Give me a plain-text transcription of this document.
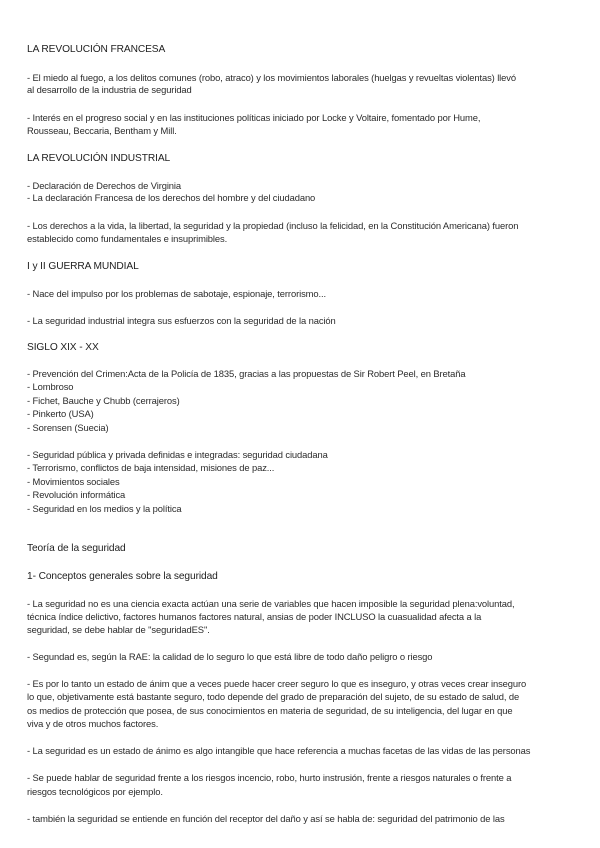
LA REVOLUCIÓN FRANCESA
- El miedo al fuego, a los delitos comunes (robo, atraco) y los movimientos laborales (huelgas y revueltas violentas) llevó
al desarrollo de la industria de seguridad
- Interés en el progreso social y en las instituciones políticas iniciado por Locke y Voltaire, fomentado por Hume,
Rousseau, Beccaria, Bentham y Mill.
LA REVOLUCIÓN INDUSTRIAL
- Declaración de Derechos de Virginia
- La declaración Francesa de los derechos del hombre y del ciudadano
- Los derechos a la vida, la libertad, la seguridad y la propiedad (incluso la felicidad, en la Constitución Americana) fueron
establecido como fundamentales e insuprimibles.
I y II GUERRA MUNDIAL
- Nace del impulso por los problemas de sabotaje, espionaje, terrorismo...
- La seguridad industrial integra sus esfuerzos con la seguridad de la nación
SIGLO XIX - XX
- Prevención del Crimen:Acta de la Policía de 1835, gracias a las propuestas de Sir Robert Peel, en Bretaña
- Lombroso
- Fichet, Bauche y Chubb (cerrajeros)
- Pinkerto (USA)
- Sorensen (Suecia)
- Seguridad pública y privada definidas e integradas: seguridad ciudadana
- Terrorismo, conflictos de baja intensidad, misiones de paz...
- Movimientos sociales
- Revolución informática
- Seguridad en los medios y la política
Teoría de la seguridad
1- Conceptos generales sobre la seguridad
- La seguridad no es una ciencia exacta actúan una serie de variables que hacen imposible la seguridad plena:voluntad,
técnica índice delictivo, factores humanos factores natural, ansias de poder INCLUSO la cuasualidad afecta a la
seguridad, se debe hablar de "seguridadES".
- Segundad es, según la RAE: la calidad de lo seguro lo que está libre de todo daño peligro o riesgo
- Es por lo tanto un estado de ánim que a veces puede hacer creer seguro lo que es inseguro, y otras veces crear inseguro
lo que, objetivamente está bastante seguro, todo depende del grado de preparación del sujeto, de su estado de salud, de
os medios de protección que posea, de sus conocimientos en materia de seguridad, de su inteligencia, del lugar en que
viva y de otros muchos factores.
- La seguridad es un estado de ánimo es algo intangible que hace referencia a muchas facetas de las vidas de las personas
- Se puede hablar de seguridad frente a los riesgos incencio, robo, hurto instrusión, frente a riesgos naturales o frente a
riesgos tecnológicos por ejemplo.
- también la seguridad se entiende en función del receptor del daño y así se habla de: seguridad del patrimonio de las
